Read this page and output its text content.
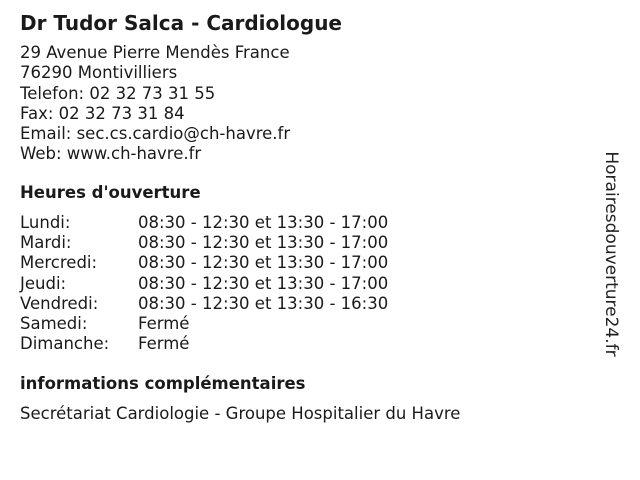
Dr Tudor Salca - Cardiologue
29 Avenue Pierre Mendès France
76290 Montivilliers
Telefon: 02 32 73 31 55
Fax: 02 32 73 31 84
Email: sec.cs.cardio@ch-havre.fr
Web: www.ch-havre.fr
Heures d'ouverture
Lundi:	08:30 - 12:30 et 13:30 - 17:00
Mardi:	08:30 - 12:30 et 13:30 - 17:00
Mercredi: 08:30 - 12:30 et 13:30 - 17:00
Jeudi:	08:30 - 12:30 et 13:30 - 17:00
Vendredi: 08:30 - 12:30 et 13:30 - 16:30
Samedi:	Fermé
Dimanche: Fermé
informations complémentaires
Secrétariat Cardiologie - Groupe Hospitalier du Havre
Horairesdouverture24.fr
